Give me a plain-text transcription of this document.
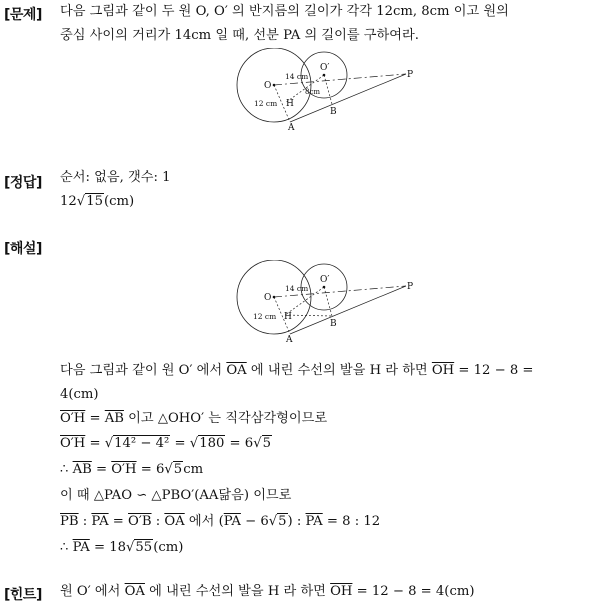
[문제] 다음 그림과 같이 두 원 O, O′ 의 반지름의 길이가 각각 12cm, 8cm 이고 원의
중심 사이의 거리가 14cm 일 때, 선분 PA 의 길이를 구하여라.
O
O′
P
A
B
H
14 cm
8cm
12 cm
[정답] 순서: 없음, 갯수: 1
12√15(cm)
[해설]
O
O′
P
A
B
H
14 cm
12 cm
다음 그림과 같이 원 O′ 에서 $\overline{OA}$ 에 내린 수선의 발을 H 라 하면 $\overline{OH} = 12 - 8$ =
4(cm)
$O'H = \overline{AB}$ 이고 △OHO′ 는 직각삼각형이므로
O′H = √14² − 4² = √180 = 6√5
∴ $\overline{AB} = O'H = 6√5cm$
이 때 △PAO ∽ △PBO′(AA닮음) 이므로
$\overline{PB}$ : $\overline{PA} = O'B$ : $\overline{OA}$ 에서 $(\overline{PA} - 6√5)$ : $\overline{PA} = 8$ : 12
∴ $\overline{PA} = 18√55(cm)$
[힌트] 원 O′ 에서 $\overline{OA}$ 에 내린 수선의 발을 H 라 하면 $\overline{OH} = 12 - 8 = 4(cm)$
